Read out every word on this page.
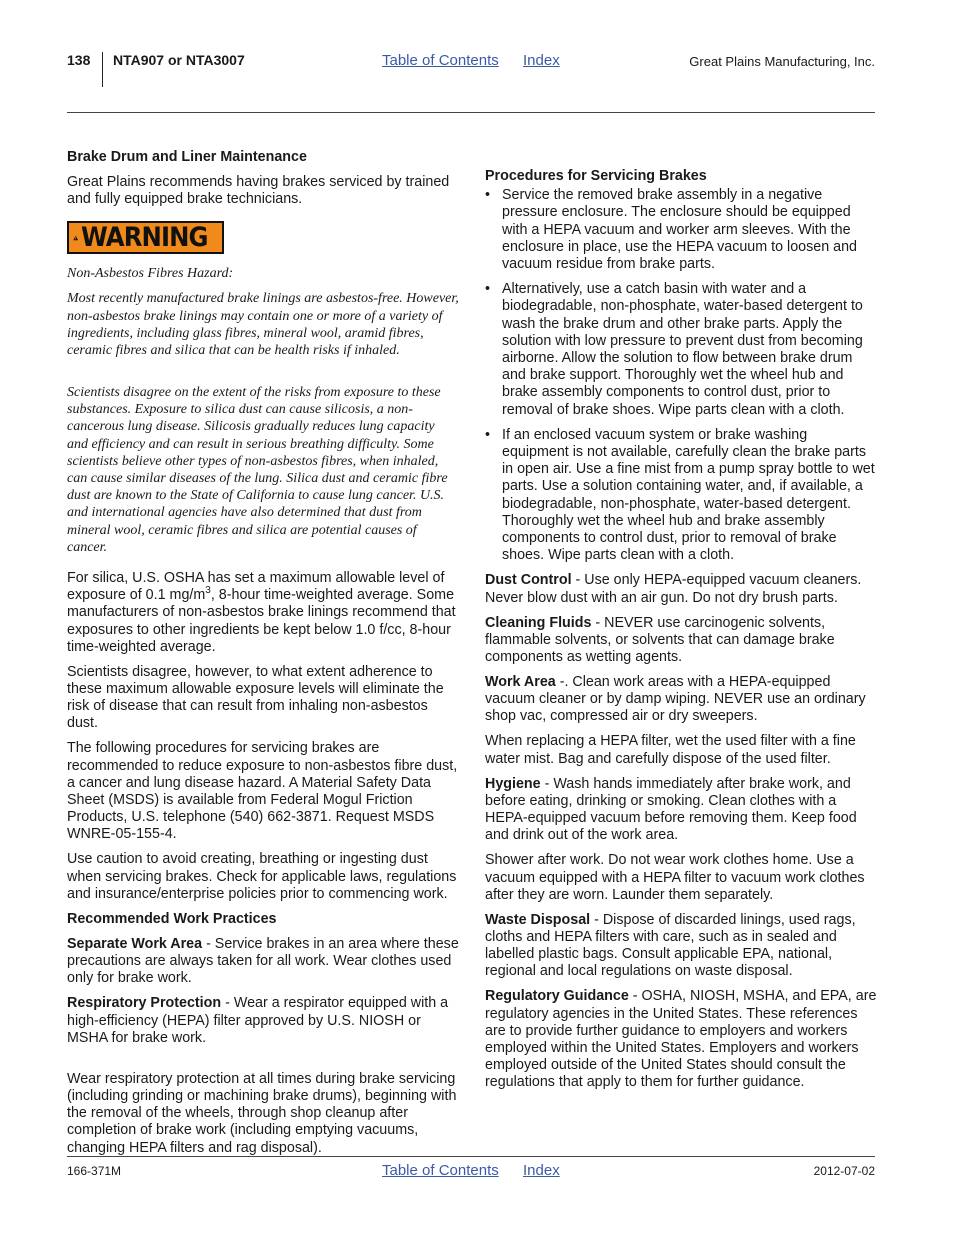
138 NTA907 or NTA3007	Table of Contents Index	Great Plains Manufacturing, Inc.

Brake Drum and Liner Maintenance

Great Plains recommends having brakes serviced by trained and fully equipped brake technicians.

WARNING

Non-Asbestos Fibres Hazard:

Most recently manufactured brake linings are asbestos-free. However, non-asbestos brake linings may contain one or more of a variety of ingredients, including glass fibres, mineral wool, aramid fibres, ceramic fibres and silica that can be health risks if inhaled.

Scientists disagree on the extent of the risks from exposure to these substances. Exposure to silica dust can cause silicosis, a non-cancerous lung disease. Silicosis gradually reduces lung capacity and efficiency and can result in serious breathing difficulty. Some scientists believe other types of non-asbestos fibres, when inhaled, can cause similar diseases of the lung. Silica dust and ceramic fibre dust are known to the State of California to cause lung cancer. U.S. and international agencies have also determined that dust from mineral wool, ceramic fibres and silica are potential causes of cancer.

For silica, U.S. OSHA has set a maximum allowable level of exposure of 0.1 $mg/m^3$, 8-hour time-weighted average. Some manufacturers of non-asbestos brake linings recommend that exposures to other ingredients be kept below 1.0 f/cc, 8-hour time-weighted average.

Scientists disagree, however, to what extent adherence to these maximum allowable exposure levels will eliminate the risk of disease that can result from inhaling non-asbestos dust.

The following procedures for servicing brakes are recommended to reduce exposure to non-asbestos fibre dust, a cancer and lung disease hazard. A Material Safety Data Sheet (MSDS) is available from Federal Mogul Friction Products, U.S. telephone (540) 662-3871. Request MSDS WNRE-05-155-4.

Use caution to avoid creating, breathing or ingesting dust when servicing brakes. Check for applicable laws, regulations and insurance/enterprise policies prior to commencing work.

Recommended Work Practices

Separate Work Area - Service brakes in an area where these precautions are always taken for all work. Wear clothes used only for brake work.

Respiratory Protection - Wear a respirator equipped with a high-efficiency (HEPA) filter approved by U.S. NIOSH or MSHA for brake work.

Wear respiratory protection at all times during brake servicing (including grinding or machining brake drums), beginning with the removal of the wheels, through shop cleanup after completion of brake work (including emptying vacuums, changing HEPA filters and rag disposal).

Procedures for Servicing Brakes

• Service the removed brake assembly in a negative pressure enclosure. The enclosure should be equipped with a HEPA vacuum and worker arm sleeves. With the enclosure in place, use the HEPA vacuum to loosen and vacuum residue from brake parts.
• Alternatively, use a catch basin with water and a biodegradable, non-phosphate, water-based detergent to wash the brake drum and other brake parts. Apply the solution with low pressure to prevent dust from becoming airborne. Allow the solution to flow between brake drum and brake support. Thoroughly wet the wheel hub and brake assembly components to control dust, prior to removal of brake shoes. Wipe parts clean with a cloth.
• If an enclosed vacuum system or brake washing equipment is not available, carefully clean the brake parts in open air. Use a fine mist from a pump spray bottle to wet parts. Use a solution containing water, and, if available, a biodegradable, non-phosphate, water-based detergent. Thoroughly wet the wheel hub and brake assembly components to control dust, prior to removal of brake shoes. Wipe parts clean with a cloth.

Dust Control - Use only HEPA-equipped vacuum cleaners. Never blow dust with an air gun. Do not dry brush parts.

Cleaning Fluids - NEVER use carcinogenic solvents, flammable solvents, or solvents that can damage brake components as wetting agents.

Work Area -. Clean work areas with a HEPA-equipped vacuum cleaner or by damp wiping. NEVER use an ordinary shop vac, compressed air or dry sweepers.

When replacing a HEPA filter, wet the used filter with a fine water mist. Bag and carefully dispose of the used filter.

Hygiene - Wash hands immediately after brake work, and before eating, drinking or smoking. Clean clothes with a HEPA-equipped vacuum before removing them. Keep food and drink out of the work area.

Shower after work. Do not wear work clothes home. Use a vacuum equipped with a HEPA filter to vacuum work clothes after they are worn. Launder them separately.

Waste Disposal - Dispose of discarded linings, used rags, cloths and HEPA filters with care, such as in sealed and labelled plastic bags. Consult applicable EPA, national, regional and local regulations on waste disposal.

Regulatory Guidance - OSHA, NIOSH, MSHA, and EPA, are regulatory agencies in the United States. These references are to provide further guidance to employers and workers employed within the United States. Employers and workers employed outside of the United States should consult the regulations that apply to them for further guidance.

166-371M	Table of Contents Index	2012-07-02
